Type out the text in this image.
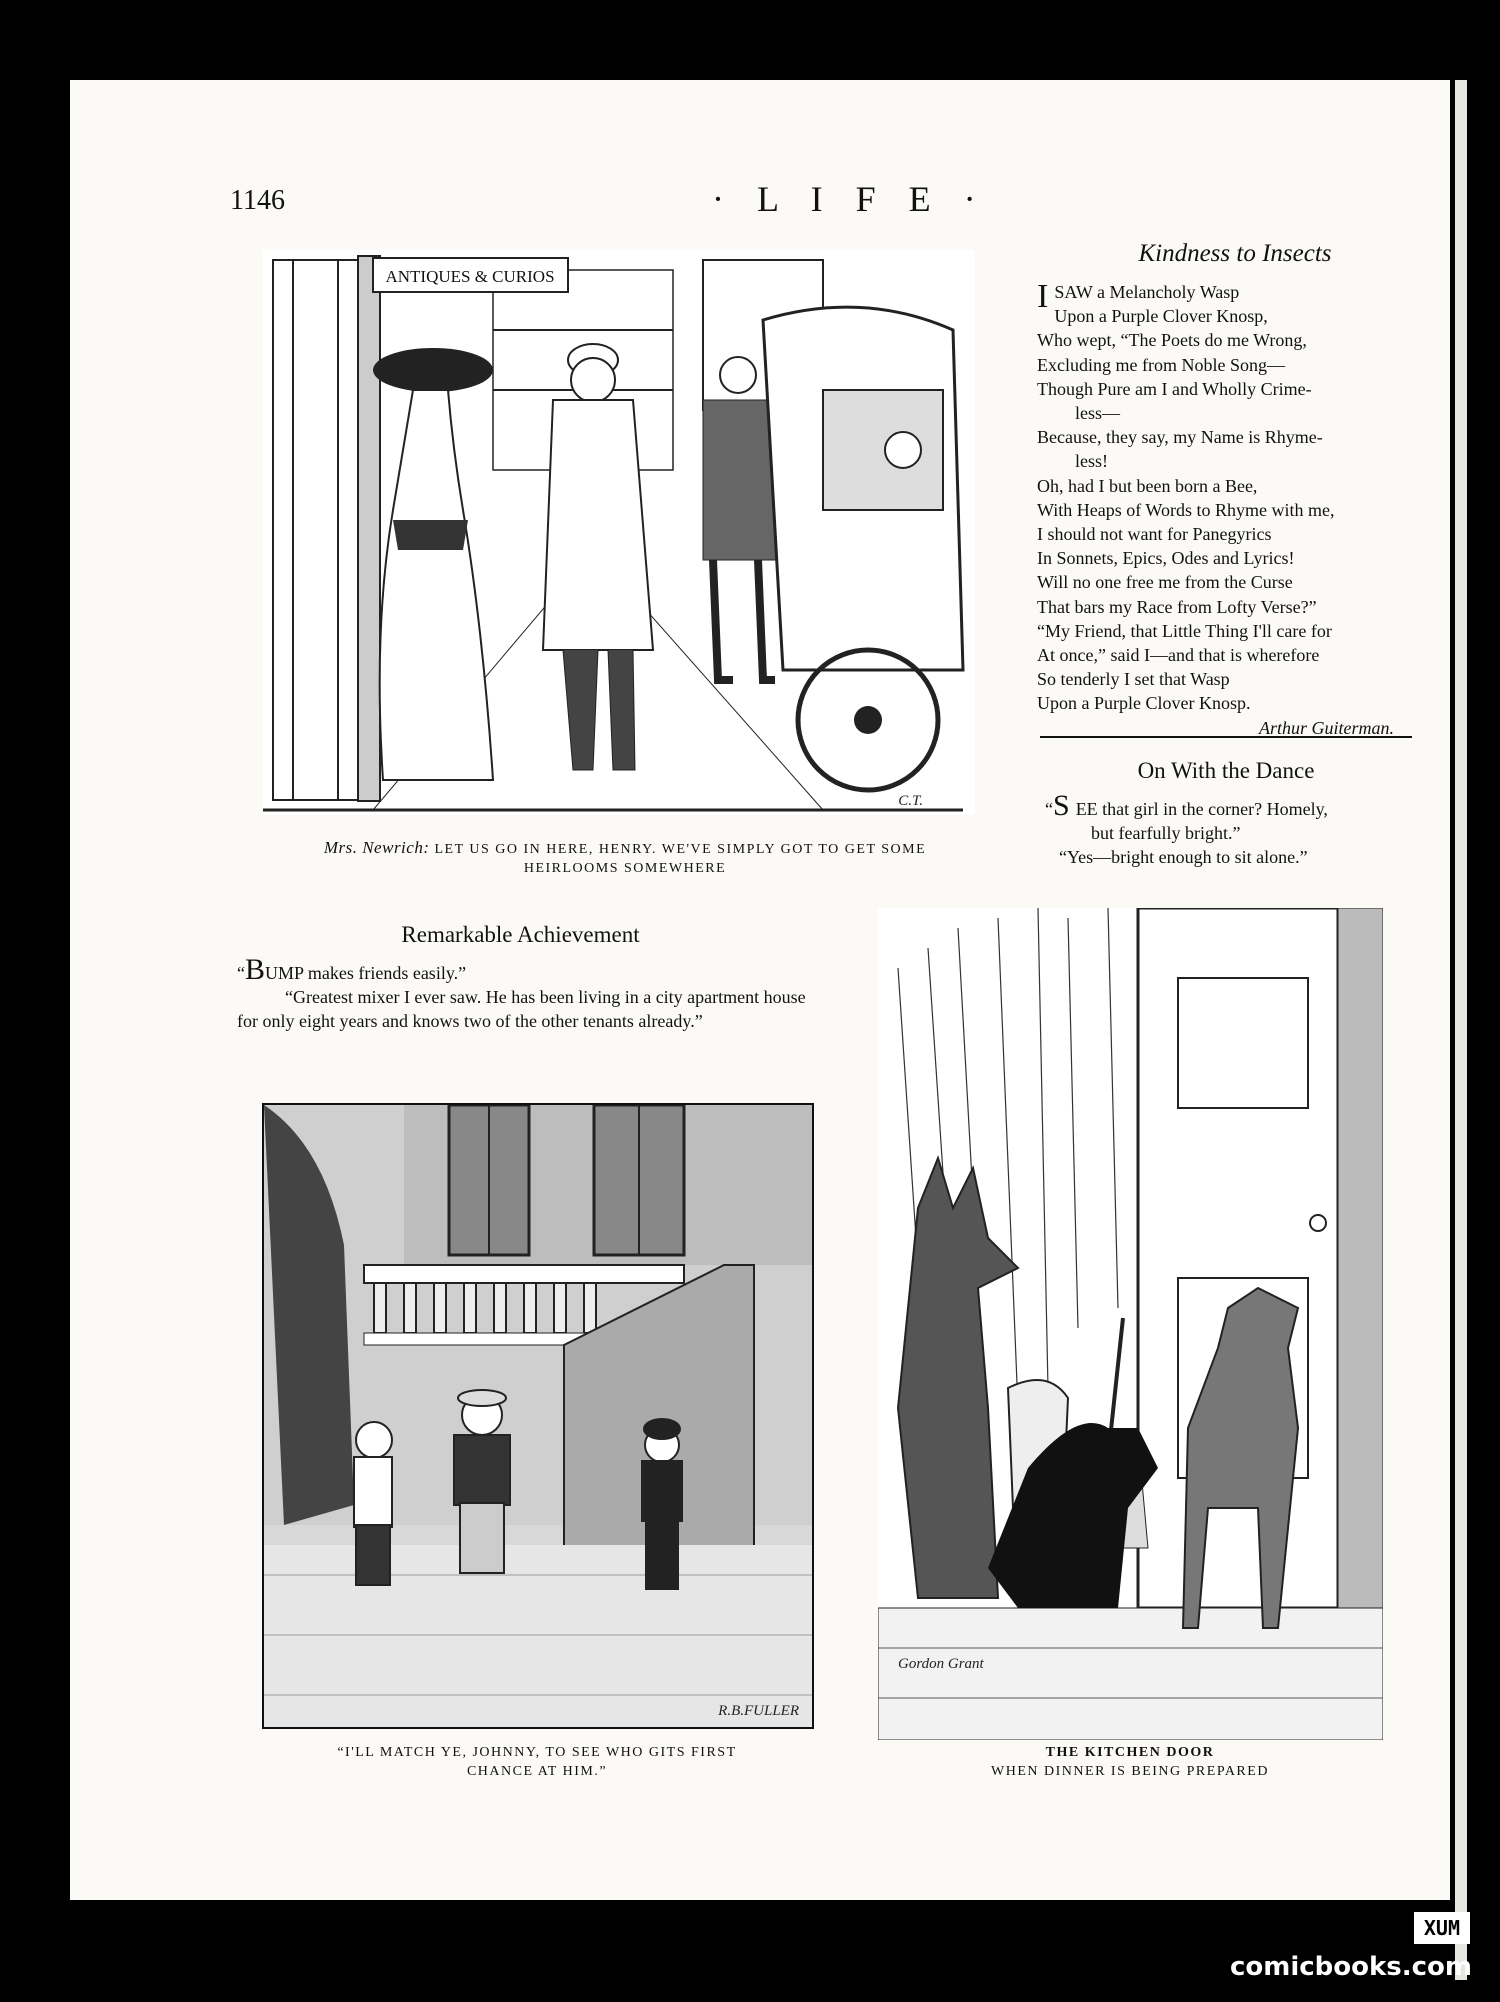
1146	· L I F E ·
ANTIQUES & CURIOS
C.T.
Mrs. Newrich: LET US GO IN HERE, HENRY. WE'VE SIMPLY GOT TO GET SOME
HEIRLOOMS SOMEWHERE
Kindness to Insects
ISAW a Melancholy Wasp
Upon a Purple Clover Knosp,
Who wept, “The Poets do me Wrong,
Excluding me from Noble Song—
Though Pure am I and Wholly Crime-
less—
Because, they say, my Name is Rhyme-
less!
Oh, had I but been born a Bee,
With Heaps of Words to Rhyme with me,
I should not want for Panegyrics
In Sonnets, Epics, Odes and Lyrics!
Will no one free me from the Curse
That bars my Race from Lofty Verse?”
“My Friend, that Little Thing I'll care for
At once,” said I—and that is wherefore
So tenderly I set that Wasp
Upon a Purple Clover Knosp.
Arthur Guiterman.
On With the Dance
“S EE that girl in the corner? Homely,
but fearfully bright.”
“Yes—bright enough to sit alone.”
Remarkable Achievement
“BUMP makes friends easily.”

“Greatest mixer I ever saw. He has been living in a city apartment house for only eight years and knows two of the other tenants already.”

R.B.FULLER
“I'LL MATCH YE, JOHNNY, TO SEE WHO GITS FIRST
CHANCE AT HIM.”
Gordon Grant
THE KITCHEN DOOR
WHEN DINNER IS BEING PREPARED
XUM
comicbooks.com
